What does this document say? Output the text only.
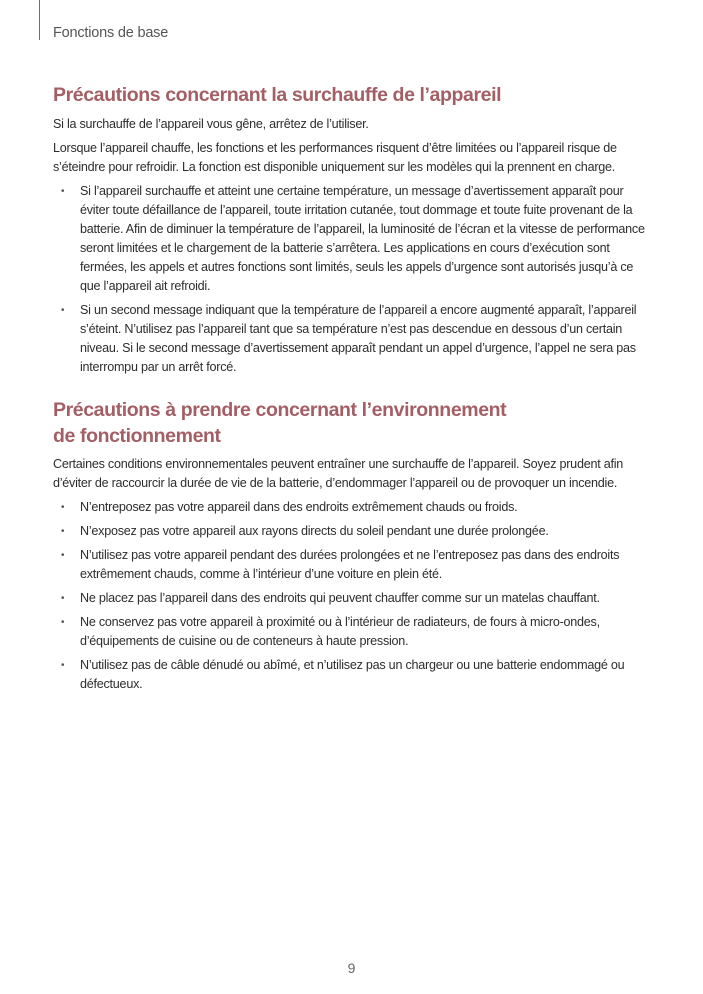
Fonctions de base
Précautions concernant la surchauffe de l’appareil

Si la surchauffe de l’appareil vous gêne, arrêtez de l’utiliser.

Lorsque l’appareil chauffe, les fonctions et les performances risquent d’être limitées ou l’appareil risque de s’éteindre pour refroidir. La fonction est disponible uniquement sur les modèles qui la prennent en charge.

• Si l’appareil surchauffe et atteint une certaine température, un message d’avertissement apparaît pour éviter toute défaillance de l’appareil, toute irritation cutanée, tout dommage et toute fuite provenant de la batterie. Afin de diminuer la température de l’appareil, la luminosité de l’écran et la vitesse de performance seront limitées et le chargement de la batterie s’arrêtera. Les applications en cours d’exécution sont fermées, les appels et autres fonctions sont limités, seuls les appels d’urgence sont autorisés jusqu’à ce que l’appareil ait refroidi.
• Si un second message indiquant que la température de l’appareil a encore augmenté apparaît, l’appareil s’éteint. N’utilisez pas l’appareil tant que sa température n’est pas descendue en dessous d’un certain niveau. Si le second message d’avertissement apparaît pendant un appel d’urgence, l’appel ne sera pas interrompu par un arrêt forcé.
Précautions à prendre concernant l’environnement de fonctionnement

Certaines conditions environnementales peuvent entraîner une surchauffe de l’appareil. Soyez prudent afin d’éviter de raccourcir la durée de vie de la batterie, d’endommager l’appareil ou de provoquer un incendie.

• N’entreposez pas votre appareil dans des endroits extrêmement chauds ou froids.
• N’exposez pas votre appareil aux rayons directs du soleil pendant une durée prolongée.
• N’utilisez pas votre appareil pendant des durées prolongées et ne l’entreposez pas dans des endroits extrêmement chauds, comme à l’intérieur d’une voiture en plein été.
• Ne placez pas l’appareil dans des endroits qui peuvent chauffer comme sur un matelas chauffant.
• Ne conservez pas votre appareil à proximité ou à l’intérieur de radiateurs, de fours à micro-ondes, d’équipements de cuisine ou de conteneurs à haute pression.
• N’utilisez pas de câble dénudé ou abîmé, et n’utilisez pas un chargeur ou une batterie endommagé ou défectueux.
9
